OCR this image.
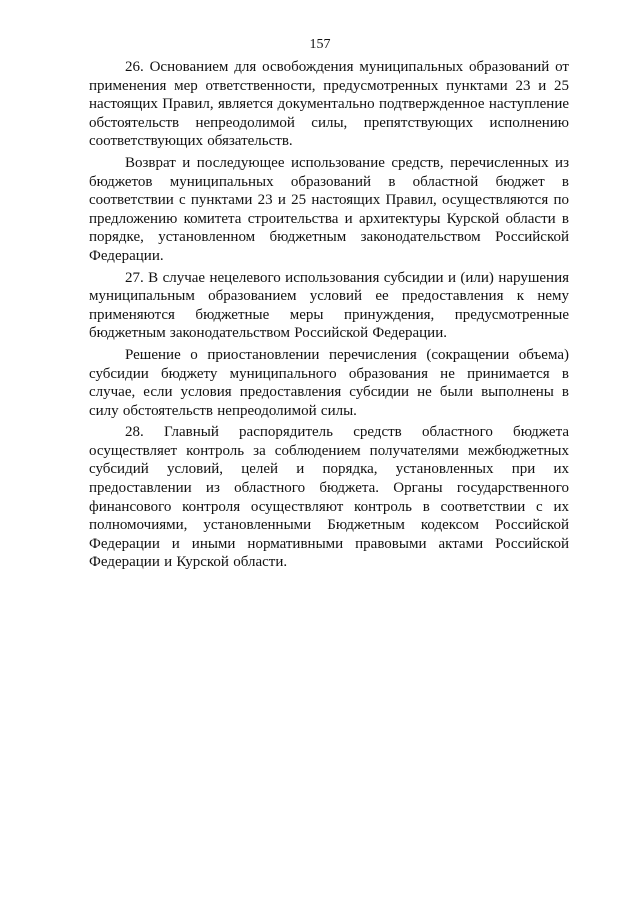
157

26. Основанием для освобождения муниципальных образований от применения мер ответственности, предусмотренных пунктами 23 и 25 настоящих Правил, является документально подтвержденное наступление обстоятельств непреодолимой силы, препятствующих исполнению соответствующих обязательств.

Возврат и последующее использование средств, перечисленных из бюджетов муниципальных образований в областной бюджет в соответствии с пунктами 23 и 25 настоящих Правил, осуществляются по предложению комитета строительства и архитектуры Курской области в порядке, установленном бюджетным законодательством Российской Федерации.

27. В случае нецелевого использования субсидии и (или) нарушения муниципальным образованием условий ее предоставления к нему применяются бюджетные меры принуждения, предусмотренные бюджетным законодательством Российской Федерации.

Решение о приостановлении перечисления (сокращении объема) субсидии бюджету муниципального образования не принимается в случае, если условия предоставления субсидии не были выполнены в силу обстоятельств непреодолимой силы.

28. Главный распорядитель средств областного бюджета осуществляет контроль за соблюдением получателями межбюджетных субсидий условий, целей и порядка, установленных при их предоставлении из областного бюджета. Органы государственного финансового контроля осуществляют контроль в соответствии с их полномочиями, установленными Бюджетным кодексом Российской Федерации и иными нормативными правовыми актами Российской Федерации и Курской области.
